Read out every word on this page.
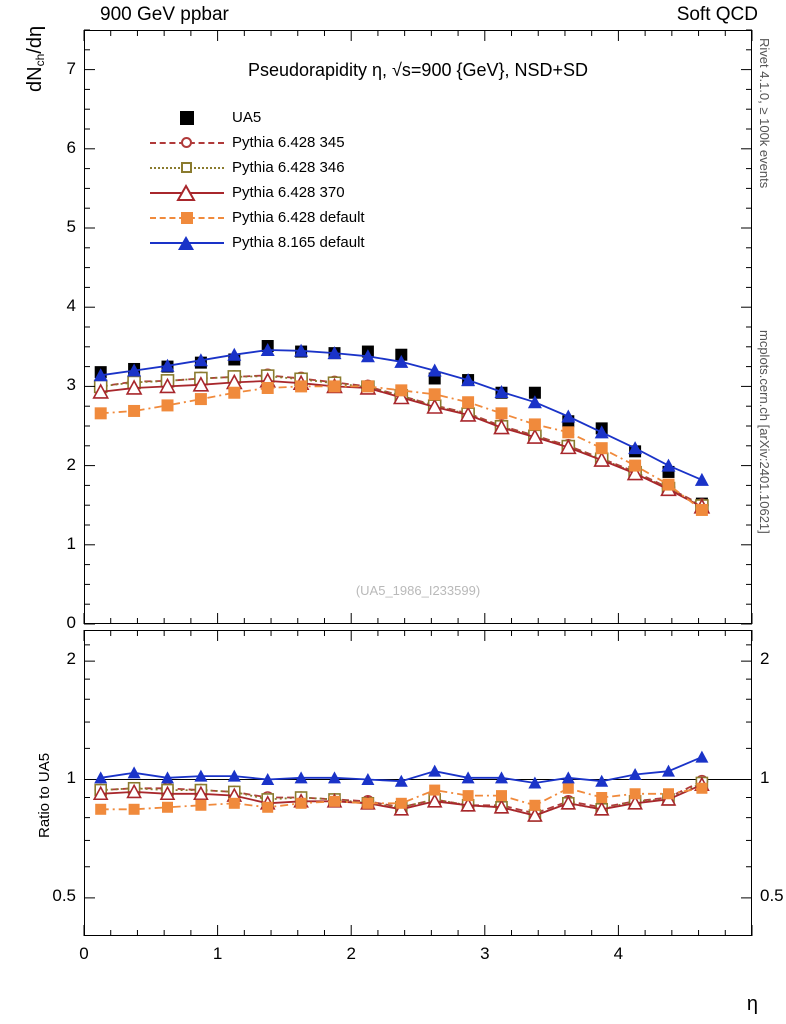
900 GeV ppbar	Soft QCD
Rivet 4.1.0, ≥ 100k events
mcplots.cern.ch [arXiv:2401.10621]
dNch/dη
Ratio to UA5
η
Pseudorapidity η, √s=900 {GeV}, NSD+SD
(UA5_1986_I233599)
UA5
Pythia 6.428 345
Pythia 6.428 346
Pythia 6.428 370
Pythia 6.428 default
Pythia 8.165 default
1
2
3
4
5
6
7
0
0	1	2	3	4
0.5	0.5
1	1
2	2
